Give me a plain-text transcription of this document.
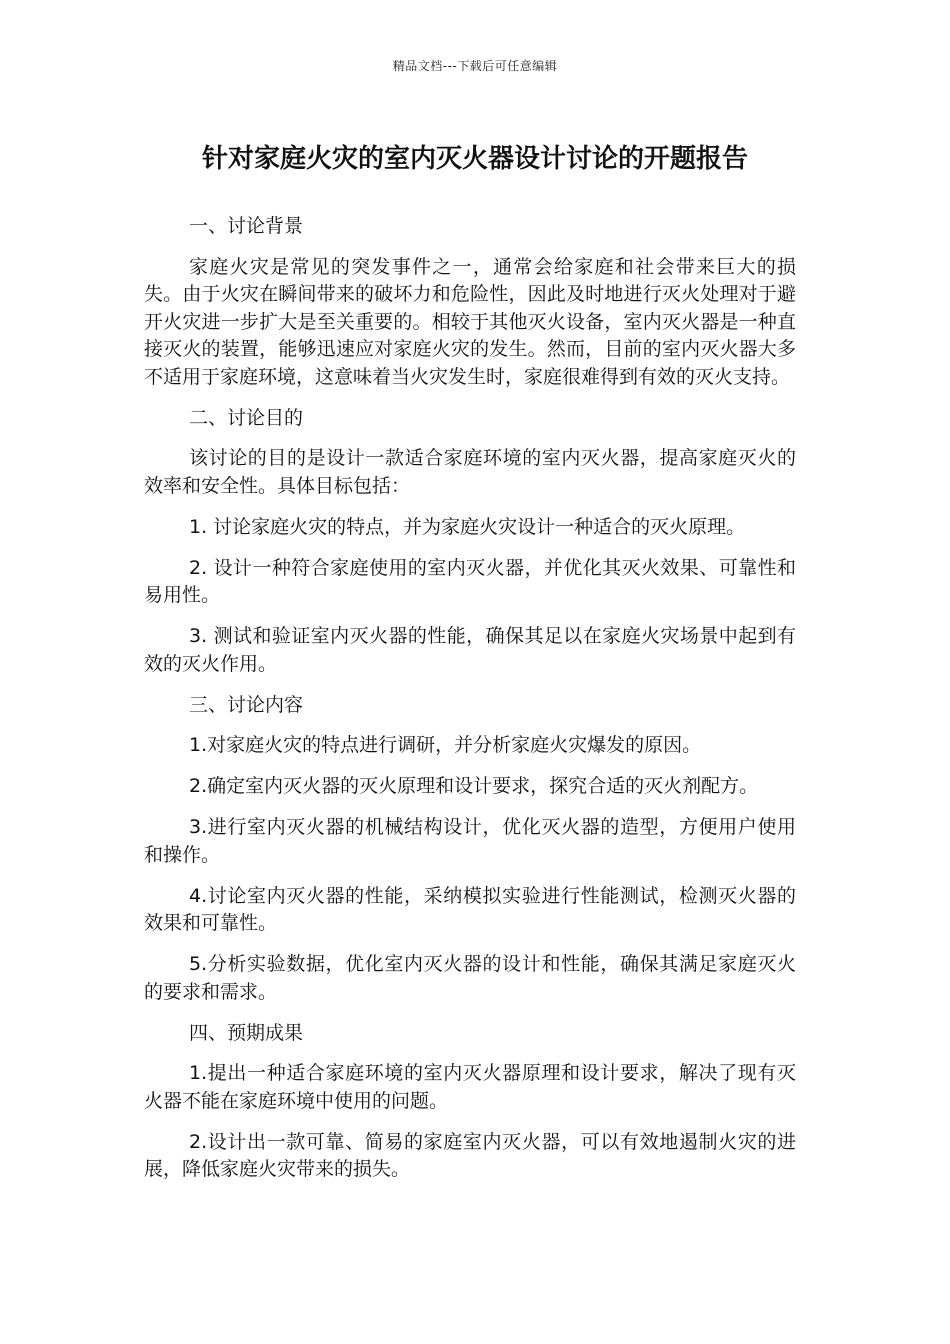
精品文档---下载后可任意编辑
针对家庭火灾的室内灭火器设计讨论的开题报告

一、讨论背景

家庭火灾是常见的突发事件之一，通常会给家庭和社会带来巨大的损失。由于火灾在瞬间带来的破坏力和危险性，因此及时地进行灭火处理对于避开火灾进一步扩大是至关重要的。相较于其他灭火设备，室内灭火器是一种直接灭火的装置，能够迅速应对家庭火灾的发生。然而，目前的室内灭火器大多不适用于家庭环境，这意味着当火灾发生时，家庭很难得到有效的灭火支持。

二、讨论目的

该讨论的目的是设计一款适合家庭环境的室内灭火器，提高家庭灭火的效率和安全性。具体目标包括：

1. 讨论家庭火灾的特点，并为家庭火灾设计一种适合的灭火原理。

2. 设计一种符合家庭使用的室内灭火器，并优化其灭火效果、可靠性和易用性。

3. 测试和验证室内灭火器的性能，确保其足以在家庭火灾场景中起到有效的灭火作用。

三、讨论内容

1.对家庭火灾的特点进行调研，并分析家庭火灾爆发的原因。

2.确定室内灭火器的灭火原理和设计要求，探究合适的灭火剂配方。

3.进行室内灭火器的机械结构设计，优化灭火器的造型，方便用户使用和操作。

4.讨论室内灭火器的性能，采纳模拟实验进行性能测试，检测灭火器的效果和可靠性。

5.分析实验数据，优化室内灭火器的设计和性能，确保其满足家庭灭火的要求和需求。

四、预期成果

1.提出一种适合家庭环境的室内灭火器原理和设计要求，解决了现有灭火器不能在家庭环境中使用的问题。

2.设计出一款可靠、简易的家庭室内灭火器，可以有效地遏制火灾的进展，降低家庭火灾带来的损失。
